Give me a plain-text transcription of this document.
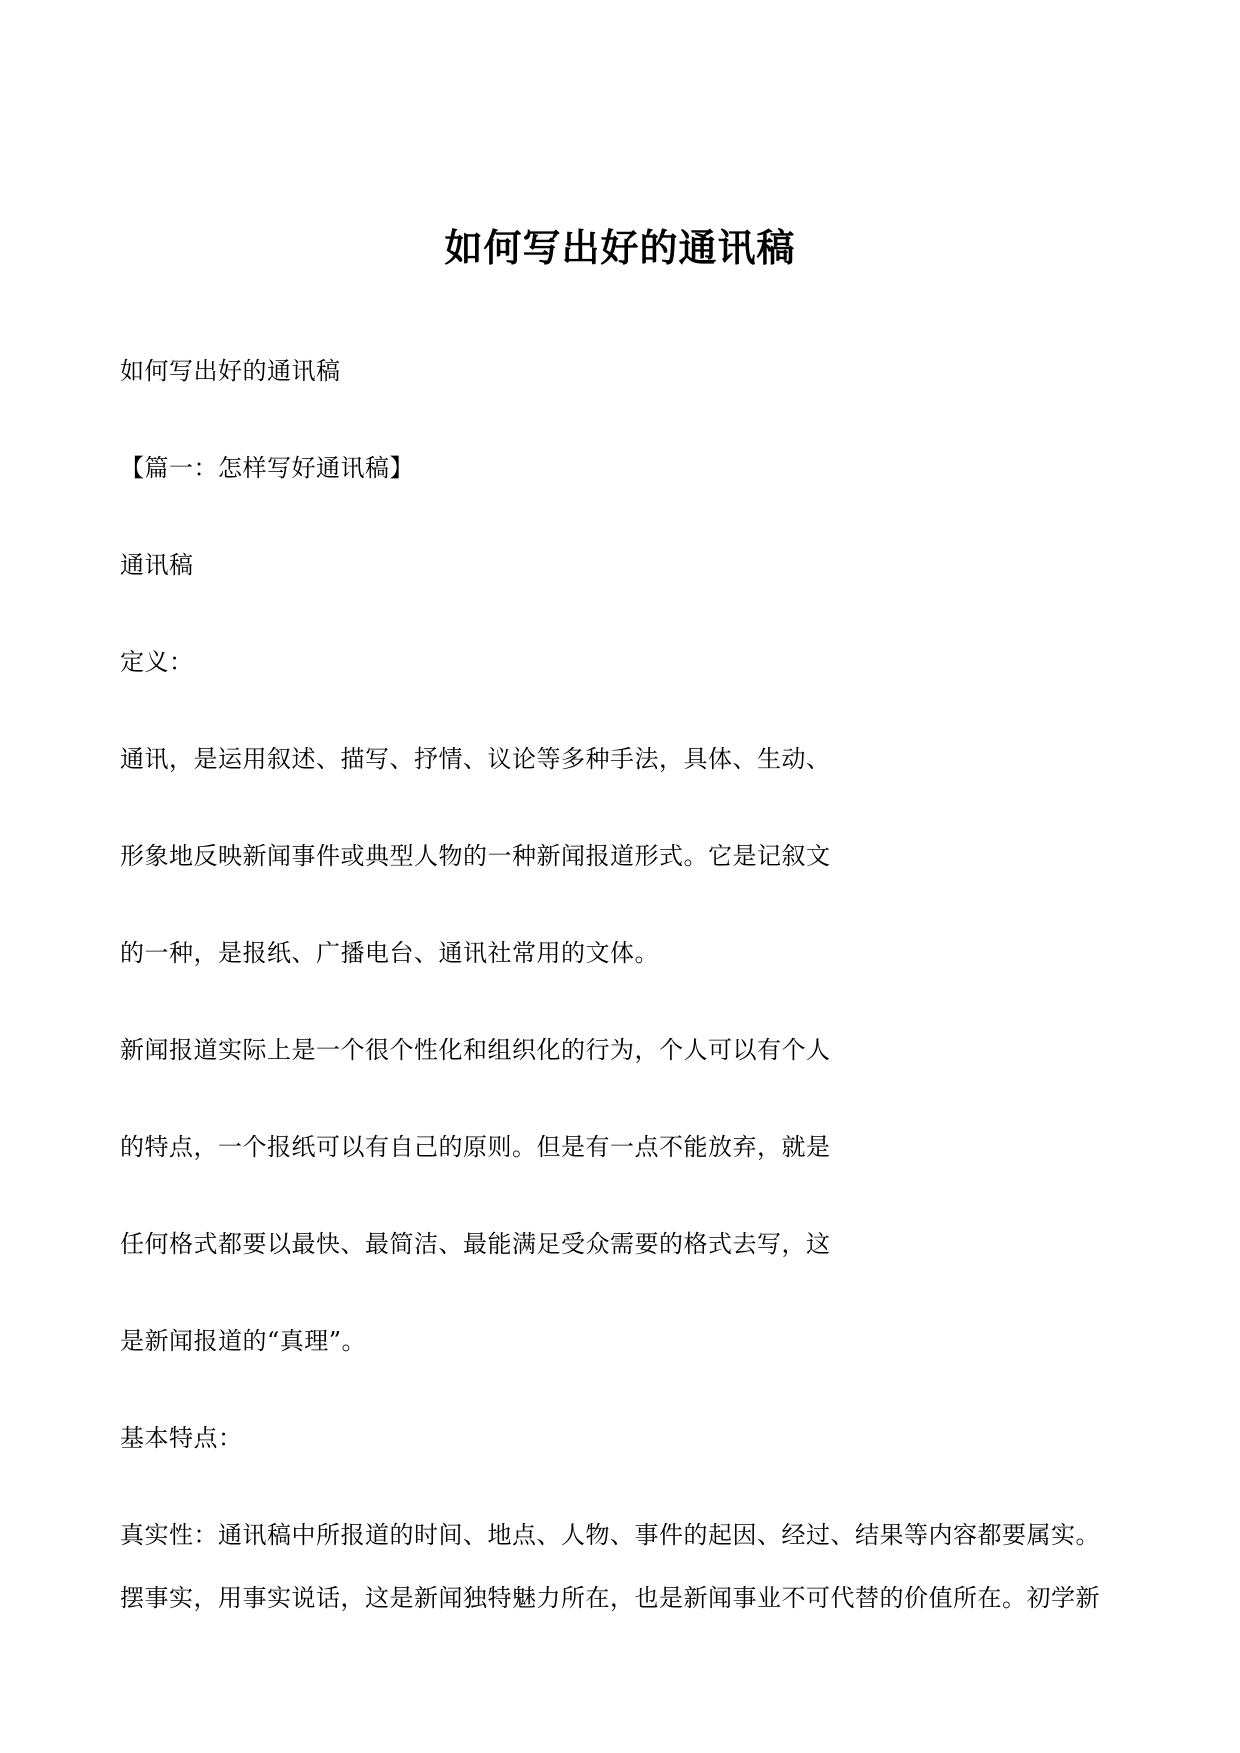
如何写出好的通讯稿
如何写出好的通讯稿
【篇一：怎样写好通讯稿】
通讯稿
定义：
通讯，是运用叙述、描写、抒情、议论等多种手法，具体、生动、
形象地反映新闻事件或典型人物的一种新闻报道形式。它是记叙文
的一种，是报纸、广播电台、通讯社常用的文体。
新闻报道实际上是一个很个性化和组织化的行为，个人可以有个人
的特点，一个报纸可以有自己的原则。但是有一点不能放弃，就是
任何格式都要以最快、最简洁、最能满足受众需要的格式去写，这
是新闻报道的“真理”。
基本特点：
真实性：通讯稿中所报道的时间、地点、人物、事件的起因、经过、结果等内容都要属实。
摆事实，用事实说话，这是新闻独特魅力所在，也是新闻事业不可代替的价值所在。初学新
